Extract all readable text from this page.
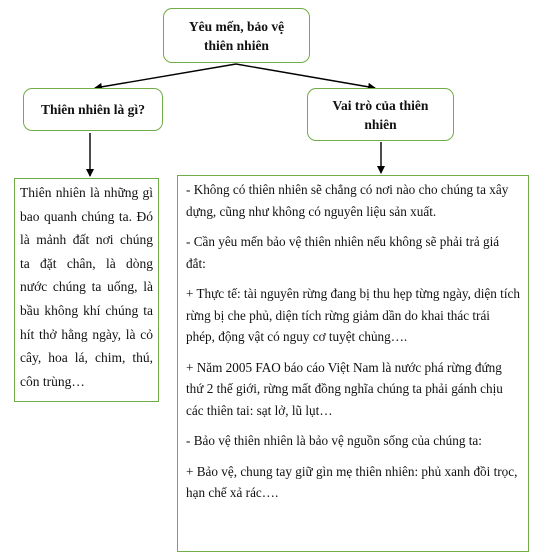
Yêu mến, bảo vệ
thiên nhiên
Thiên nhiên là gì?	Vai trò của thiên
nhiên
Thiên nhiên là những gì bao quanh chúng ta. Đó là mảnh đất nơi chúng ta đặt chân, là dòng nước chúng ta uống, là bầu không khí chúng ta hít thở hằng ngày, là cỏ cây, hoa lá, chim, thú, côn trùng…

- Không có thiên nhiên sẽ chẳng có nơi nào cho chúng ta xây dựng, cũng như không có nguyên liệu sản xuất.

- Cần yêu mến bảo vệ thiên nhiên nếu không sẽ phải trả giá đắt:

+ Thực tế: tài nguyên rừng đang bị thu hẹp từng ngày, diện tích rừng bị che phủ, diện tích rừng giảm dần do khai thác trái phép, động vật có nguy cơ tuyệt chủng….

+ Năm 2005 FAO báo cáo Việt Nam là nước phá rừng đứng thứ 2 thế giới, rừng mất đồng nghĩa chúng ta phải gánh chịu các thiên tai: sạt lở, lũ lụt…

- Bảo vệ thiên nhiên là bảo vệ nguồn sống của chúng ta:

+ Bảo vệ, chung tay giữ gìn mẹ thiên nhiên: phủ xanh đồi trọc, hạn chế xả rác….
